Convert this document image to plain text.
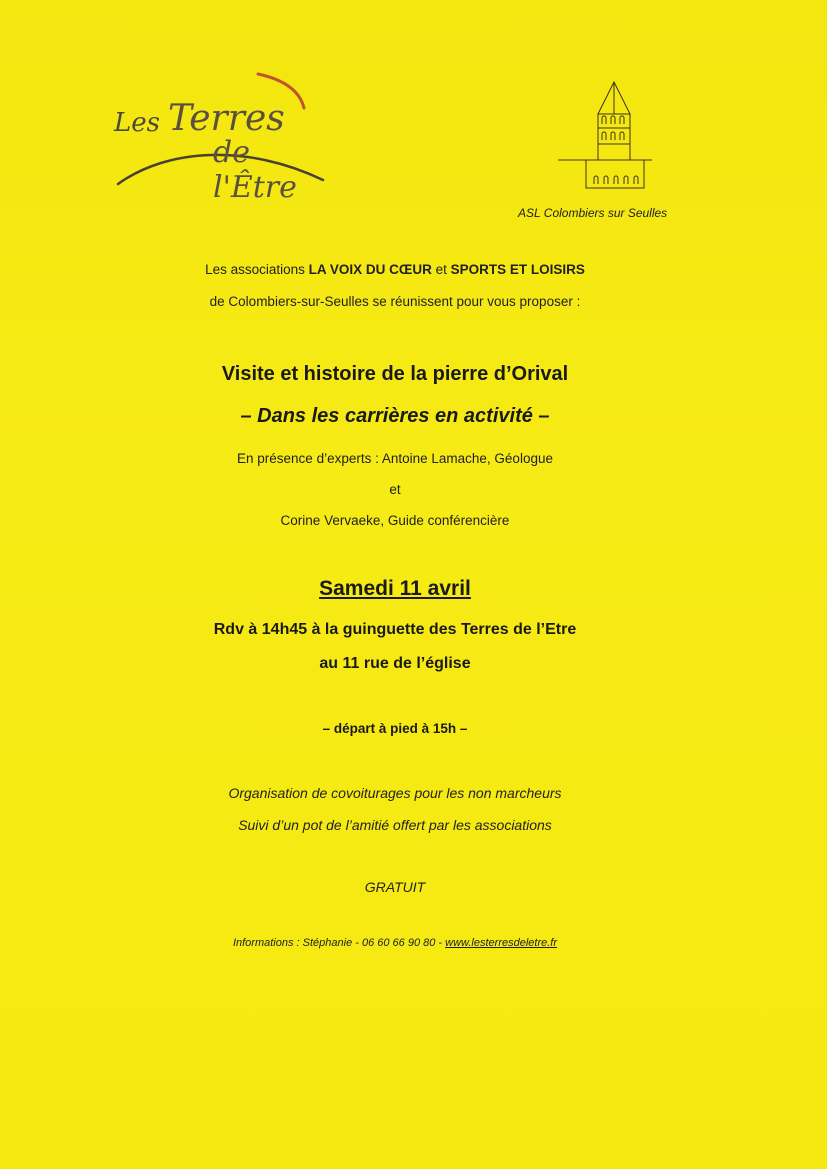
Les Terres
de l'Être
ASL Colombiers sur Seulles
Les associations LA VOIX DU CŒUR et SPORTS ET LOISIRS
de Colombiers-sur-Seulles se réunissent pour vous proposer :
Visite et histoire de la pierre d’Orival
– Dans les carrières en activité –
En présence d’experts : Antoine Lamache, Géologue
et
Corine Vervaeke, Guide conférencière
Samedi 11 avril
Rdv à 14h45 à la guinguette des Terres de l’Etre
au 11 rue de l’église
– départ à pied à 15h –
Organisation de covoiturages pour les non marcheurs
Suivi d’un pot de l’amitié offert par les associations
GRATUIT
Informations : Stéphanie - 06 60 66 90 80 - www.lesterresdeletre.fr
